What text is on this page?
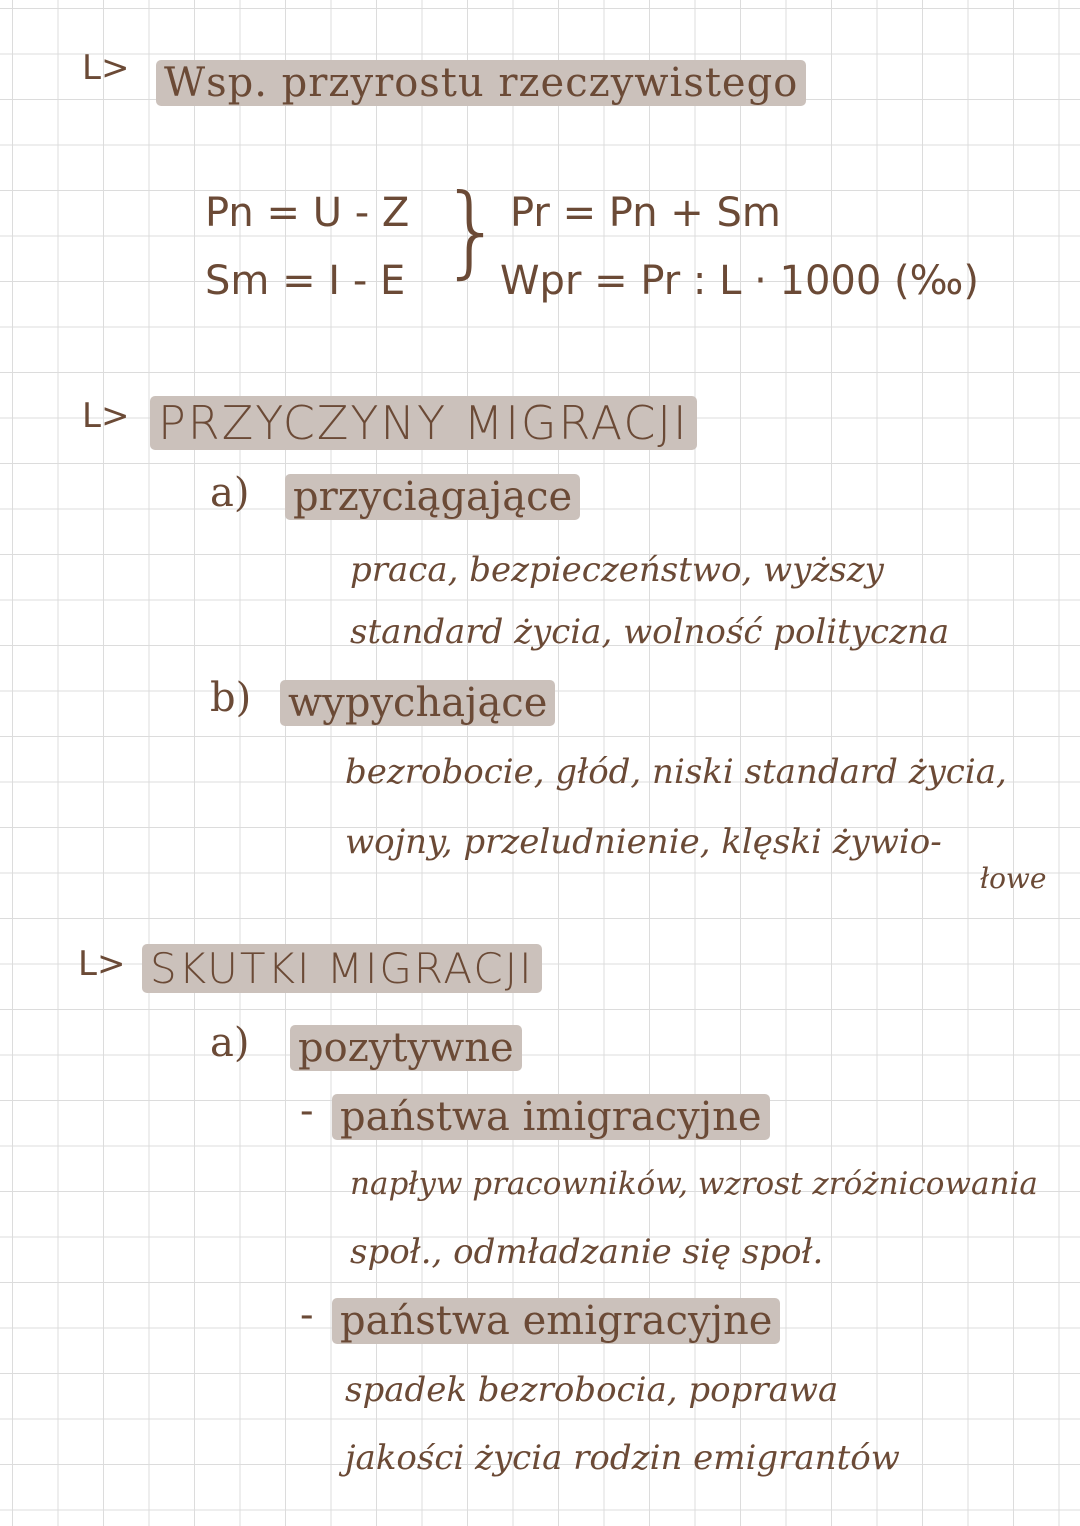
L> Wsp. przyrostu rzeczywistego
Pn = U - Z
Sm = I - E } Pr = Pn + Sm
Wpr = Pr : L · 1000 (‰)
L> PRZYCZYNY MIGRACJI
a) przyciągające
praca, bezpieczeństwo, wyższy
standard życia, wolność polityczna
b) wypychające
bezrobocie, głód, niski standard życia,
wojny, przeludnienie, klęski żywio-
łowe
L> SKUTKI MIGRACJI
a) pozytywne
- państwa imigracyjne
napływ pracowników, wzrost zróżnicowania
społ., odmładzanie się społ.
- państwa emigracyjne
spadek bezrobocia, poprawa
jakości życia rodzin emigrantów
